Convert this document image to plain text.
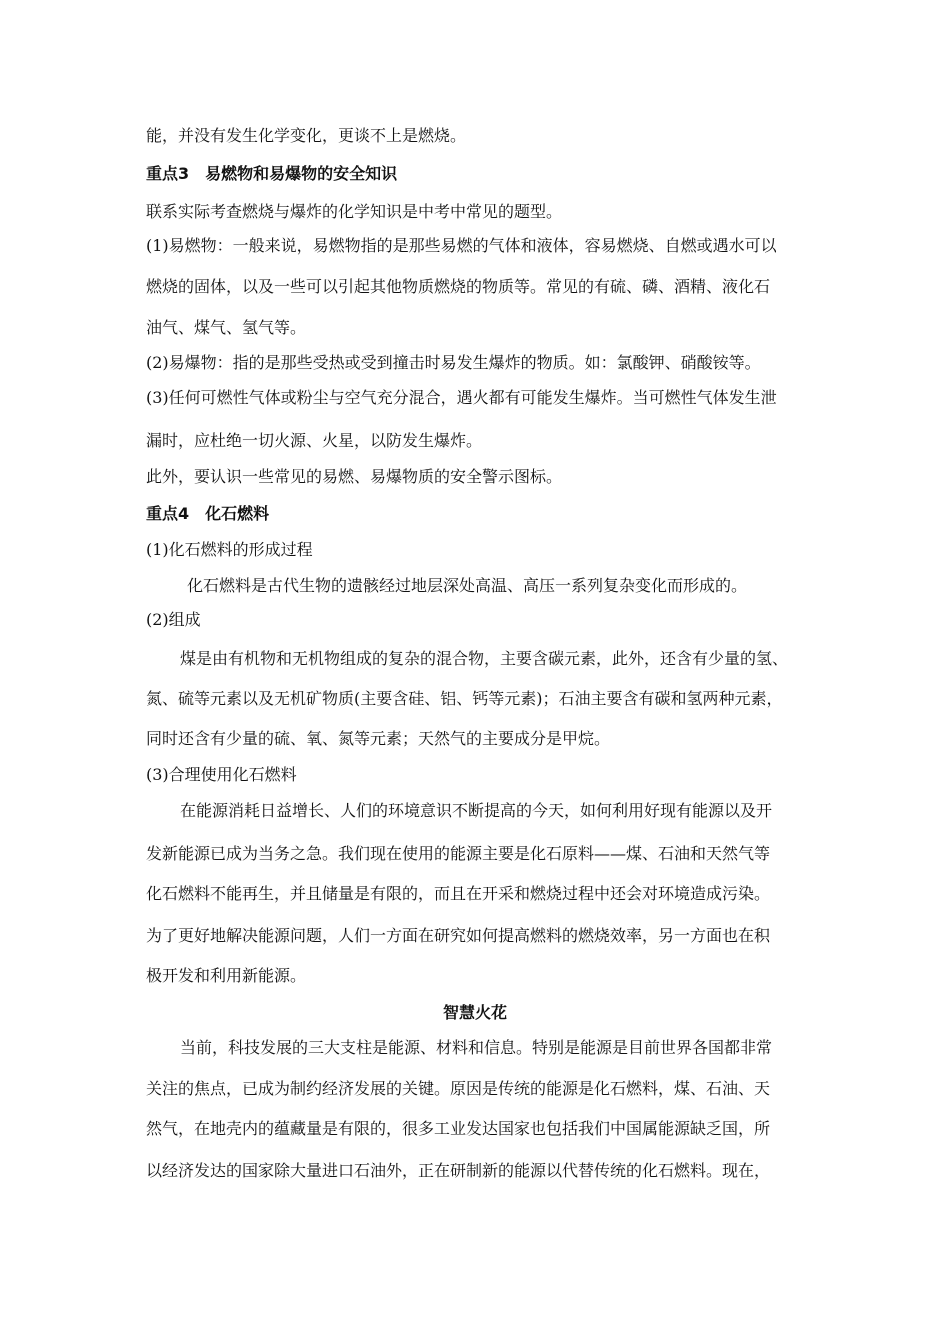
能，并没有发生化学变化，更谈不上是燃烧。
重点3　易燃物和易爆物的安全知识
联系实际考查燃烧与爆炸的化学知识是中考中常见的题型。
(1)易燃物：一般来说，易燃物指的是那些易燃的气体和液体，容易燃烧、自燃或遇水可以
燃烧的固体，以及一些可以引起其他物质燃烧的物质等。常见的有硫、磷、酒精、液化石
油气、煤气、氢气等。
(2)易爆物：指的是那些受热或受到撞击时易发生爆炸的物质。如：氯酸钾、硝酸铵等。
(3)任何可燃性气体或粉尘与空气充分混合，遇火都有可能发生爆炸。当可燃性气体发生泄
漏时，应杜绝一切火源、火星，以防发生爆炸。
此外，要认识一些常见的易燃、易爆物质的安全警示图标。
重点4　化石燃料
(1)化石燃料的形成过程
化石燃料是古代生物的遗骸经过地层深处高温、高压一系列复杂变化而形成的。
(2)组成
煤是由有机物和无机物组成的复杂的混合物，主要含碳元素，此外，还含有少量的氢、
氮、硫等元素以及无机矿物质(主要含硅、铝、钙等元素)；石油主要含有碳和氢两种元素，
同时还含有少量的硫、氧、氮等元素；天然气的主要成分是甲烷。
(3)合理使用化石燃料
在能源消耗日益增长、人们的环境意识不断提高的今天，如何利用好现有能源以及开
发新能源已成为当务之急。我们现在使用的能源主要是化石原料——煤、石油和天然气等
化石燃料不能再生，并且储量是有限的，而且在开采和燃烧过程中还会对环境造成污染。
为了更好地解决能源问题，人们一方面在研究如何提高燃料的燃烧效率，另一方面也在积
极开发和利用新能源。
智慧火花
当前，科技发展的三大支柱是能源、材料和信息。特别是能源是目前世界各国都非常
关注的焦点，已成为制约经济发展的关键。原因是传统的能源是化石燃料，煤、石油、天
然气，在地壳内的蕴藏量是有限的，很多工业发达国家也包括我们中国属能源缺乏国，所
以经济发达的国家除大量进口石油外，正在研制新的能源以代替传统的化石燃料。现在，
